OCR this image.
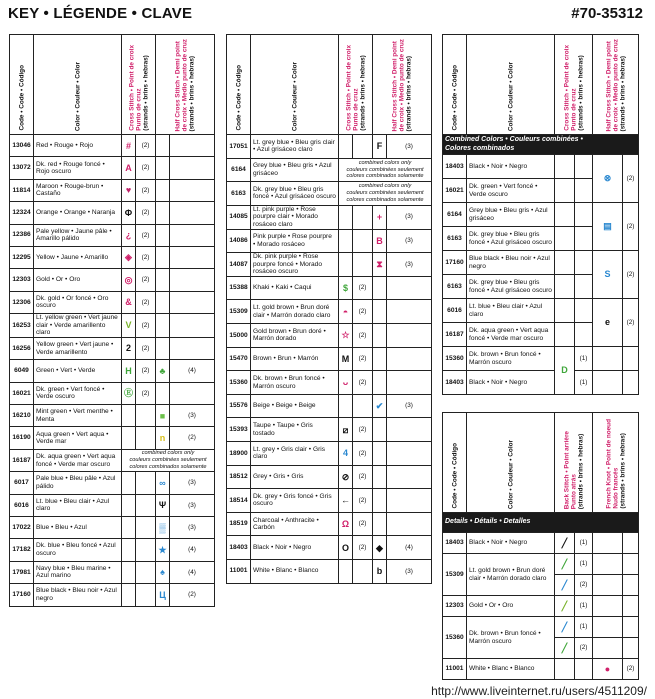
KEY • LÉGENDE • CLAVE	#70-35312
Code • Code • Código	Color • Couleur • Color	Cross Stitch • Point de croix
Punto de cruz
(strands • brins • hebras)		Half Cross Stitch • Demi point
de croix • Medio punto de cruz
(strands • brins • hebras)	

13046	Red • Rouge • Rojo	#	(2)		
13072	Dk. red • Rouge foncé • Rojo oscuro	A	(2)		
11814	Maroon • Rouge-brun • Castaño	♥	(2)		
12324	Orange • Orange • Naranja	Φ	(2)		
12386	Pale yellow • Jaune pâle • Amarillo pálido	¿	(2)		
12295	Yellow • Jaune • Amarillo	◈	(2)		
12303	Gold • Or • Oro	◎	(2)		
12306	Dk. gold • Or foncé • Oro oscuro	&	(2)		
16253	Lt. yellow green • Vert jaune clair • Verde amarillento claro	V	(2)		
16256	Yellow green • Vert jaune • Verde amarillento	2	(2)		
6049	Green • Vert • Verde	H	(2)	♣	(4)
16021	Dk. green • Vert foncé • Verde oscuro	Ⓔ	(2)		
16210	Mint green • Vert menthe • Menta			■	(3)
16190	Aqua green • Vert aqua • Verde mar			n	(2)
16187	Dk. aqua green • Vert aqua foncé • Verde mar oscuro	combined colors only
couleurs combinées seulement
colores combinados solamente			
6017	Pale blue • Bleu pâle • Azul pálido			∞	(3)
6016	Lt. blue • Bleu clair • Azul claro			Ψ	(3)
17022	Blue • Bleu • Azul			▒	(3)
17182	Dk. blue • Bleu foncé • Azul oscuro			★	(4)
17981	Navy blue • Bleu marine • Azul marino			♠	(4)
17160	Blue black • Bleu noir • Azul negro			Ц	(2)
Code • Code • Código	Color • Couleur • Color	Cross Stitch • Point de croix
Punto de cruz
(strands • brins • hebras)		Half Cross Stitch • Demi point
de croix • Medio punto de cruz
(strands • brins • hebras)	

17051	Lt. grey blue • Bleu gris clair • Azul grisáceo claro			F	(3)
6164	Grey blue • Bleu gris • Azul grisáceo	combined colors only
couleurs combinées seulement
colores combinados solamente			
6163	Dk. grey blue • Bleu gris foncé • Azul grisáceo oscuro	combined colors only
couleurs combinées seulement
colores combinados solamente			
14085	Lt. pink purple • Rose pourpre clair • Morado rosáceo claro			+	(3)
14086	Pink purple • Rose pourpre • Morado rosáceo			B	(3)
14087	Dk. pink purple • Rose pourpre foncé • Morado rosáceo oscuro			⧗	(3)
15388	Khaki • Kaki • Caqui	$	(2)		
15309	Lt. gold brown • Brun doré clair • Marrón dorado claro	◓	(2)		
15000	Gold brown • Brun doré • Marrón dorado	☆	(2)		
15470	Brown • Brun • Marrón	M	(2)		
15360	Dk. brown • Brun foncé • Marrón oscuro	ᴗ	(2)		
15576	Beige • Beige • Beige			✔	(3)
15393	Taupe • Taupe • Gris tostado	⧄	(2)		
18900	Lt. grey • Gris clair • Gris claro	4	(2)		
18512	Grey • Gris • Gris	⊘	(2)		
18514	Dk. grey • Gris foncé • Gris oscuro	←	(2)		
18519	Charcoal • Anthracite • Carbón	Ω	(2)		
18403	Black • Noir • Negro	O	(2)	◆	(4)
11001	White • Blanc • Blanco			b	(3)
Code • Code • Código	Color • Couleur • Color	Cross Stitch • Point de croix
Punto de cruz
(strands • brins • hebras)		Half Cross Stitch • Demi point
de croix • Medio punto de cruz
(strands • brins • hebras)	

Combined Colors • Couleurs combinées •
Colores combinados					
18403	Black • Noir • Negro			⊗	(2)
16021	Dk. green • Vert foncé • Verde oscuro				
6164	Grey blue • Bleu gris • Azul grisáceo			▤	(2)
6163	Dk. grey blue • Bleu gris foncé • Azul grisáceo oscuro				
17160	Blue black • Bleu noir • Azul negro			S	(2)
6163	Dk. grey blue • Bleu gris foncé • Azul grisáceo oscuro				
6016	Lt. blue • Bleu clair • Azul claro			e	(2)
16187	Dk. aqua green • Vert aqua foncé • Verde mar oscuro				
15360	Dk. brown • Brun foncé • Marrón oscuro	D	(1)		
18403	Black • Noir • Negro		(1)		
Code • Code • Código	Color • Couleur • Color	Back Stitch • Point arrière
Punto atrás
(strands • brins • hebras)		French Knot • Point de noeud
Nudo francés
(strands • brins • hebras)	

Details • Détails • Detalles					
18403	Black • Noir • Negro	╱	(1)		
15309	Lt. gold brown • Brun doré clair • Marrón dorado claro	╱	(1)		
		╱	(2)		
12303	Gold • Or • Oro	╱	(1)		
15360	Dk. brown • Brun foncé • Marrón oscuro	╱	(1)		
		╱	(2)		
11001	White • Blanc • Blanco			●	(2)
http://www.liveinternet.ru/users/4511209/
